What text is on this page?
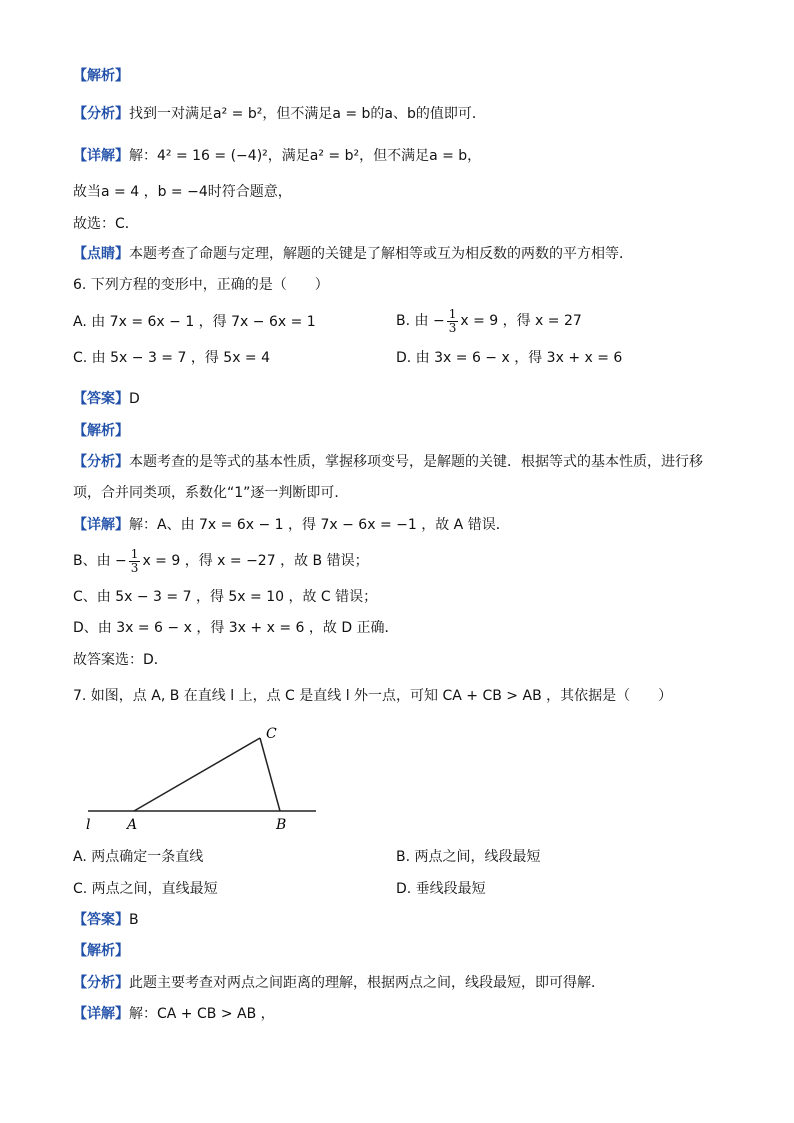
【解析】
【分析】找到一对满足a² = b²，但不满足a = b的a、b的值即可．
【详解】解：4² = 16 = (−4)²，满足a² = b²，但不满足a = b，
故当a = 4 ，b = −4时符合题意，
故选：C．
【点睛】本题考查了命题与定理，解题的关键是了解相等或互为相反数的两数的平方相等．
6. 下列方程的变形中，正确的是（　　）
A. 由 7x = 6x − 1 ，得 7x − 6x = 1	B. 由 − $\frac{1}{3}$ x = 9 ，得 x = 27
C. 由 5x − 3 = 7 ，得 5x = 4	D. 由 3x = 6 − x ，得 3x + x = 6
【答案】D
【解析】
【分析】本题考查的是等式的基本性质，掌握移项变号，是解题的关键．根据等式的基本性质，进行移
项，合并同类项，系数化“1”逐一判断即可．
【详解】解：A、由 7x = 6x − 1 ，得 7x − 6x = −1 ，故 A 错误．
B、由 − $\frac{1}{3}$ x = 9 ，得 x = −27 ，故 B 错误；
C、由 5x − 3 = 7 ，得 5x = 10 ，故 C 错误；
D、由 3x = 6 − x ，得 3x + x = 6 ，故 D 正确．
故答案选：D．
7. 如图，点 A, B 在直线 l 上，点 C 是直线 l 外一点，可知 CA + CB > AB ，其依据是（　　）
l	A	B
C
A. 两点确定一条直线	B. 两点之间，线段最短
C. 两点之间，直线最短	D. 垂线段最短
【答案】B
【解析】
【分析】此题主要考查对两点之间距离的理解，根据两点之间，线段最短，即可得解．
【详解】解：CA + CB > AB ，
